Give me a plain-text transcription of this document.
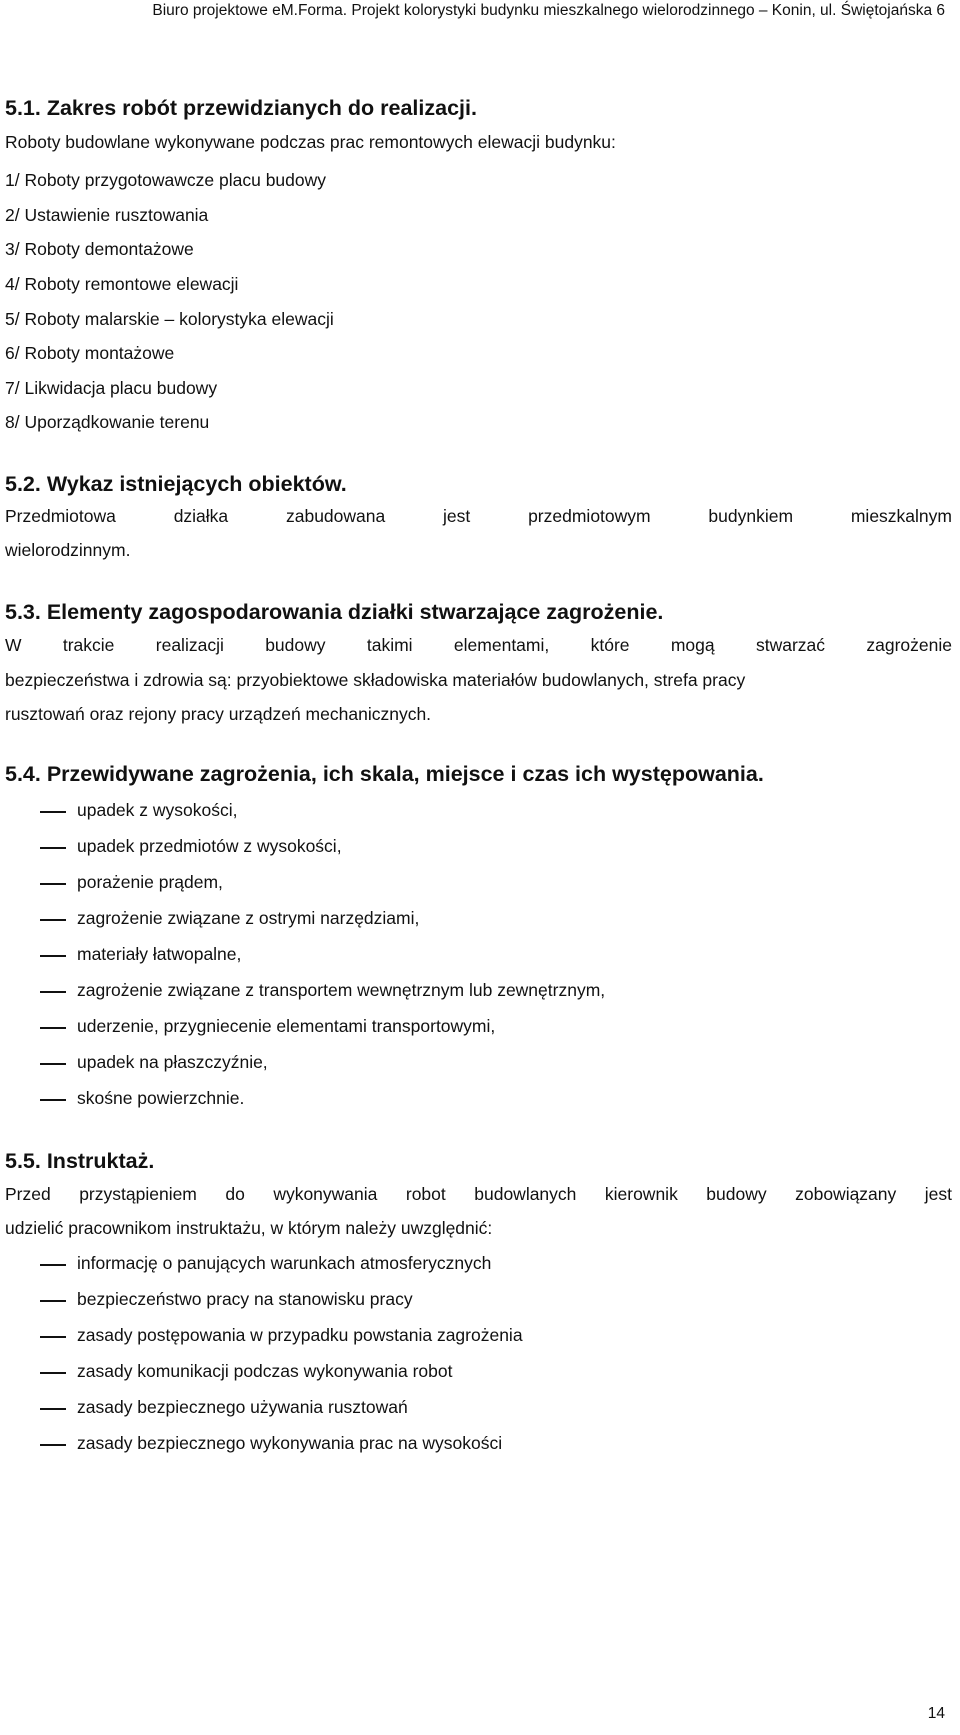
Biuro projektowe eM.Forma. Projekt kolorystyki budynku mieszkalnego wielorodzinnego – Konin, ul. Świętojańska 6
5.1. Zakres robót przewidzianych do realizacji.
Roboty budowlane wykonywane podczas prac remontowych elewacji budynku:
1/ Roboty przygotowawcze placu budowy
2/ Ustawienie rusztowania
3/ Roboty demontażowe
4/ Roboty remontowe elewacji
5/ Roboty malarskie – kolorystyka elewacji
6/ Roboty montażowe
7/ Likwidacja placu budowy
8/ Uporządkowanie terenu
5.2. Wykaz istniejących obiektów.
Przedmiotowa działka zabudowana jest przedmiotowym budynkiem mieszkalnym
wielorodzinnym.
5.3. Elementy zagospodarowania działki stwarzające zagrożenie.
W trakcie realizacji budowy takimi elementami, które mogą stwarzać zagrożenie
bezpieczeństwa i zdrowia są: przyobiektowe składowiska materiałów budowlanych, strefa pracy
rusztowań oraz rejony pracy urządzeń mechanicznych.
5.4. Przewidywane zagrożenia, ich skala, miejsce i czas ich występowania.
upadek z wysokości,
upadek przedmiotów z wysokości,
porażenie prądem,
zagrożenie związane z ostrymi narzędziami,
materiały łatwopalne,
zagrożenie związane z transportem wewnętrznym lub zewnętrznym,
uderzenie, przygniecenie elementami transportowymi,
upadek na płaszczyźnie,
skośne powierzchnie.
5.5. Instruktaż.
Przed przystąpieniem do wykonywania robot budowlanych kierownik budowy zobowiązany jest
udzielić pracownikom instruktażu, w którym należy uwzględnić:
informację o panujących warunkach atmosferycznych
bezpieczeństwo pracy na stanowisku pracy
zasady postępowania w przypadku powstania zagrożenia
zasady komunikacji podczas wykonywania robot
zasady bezpiecznego używania rusztowań
zasady bezpiecznego wykonywania prac na wysokości
14
